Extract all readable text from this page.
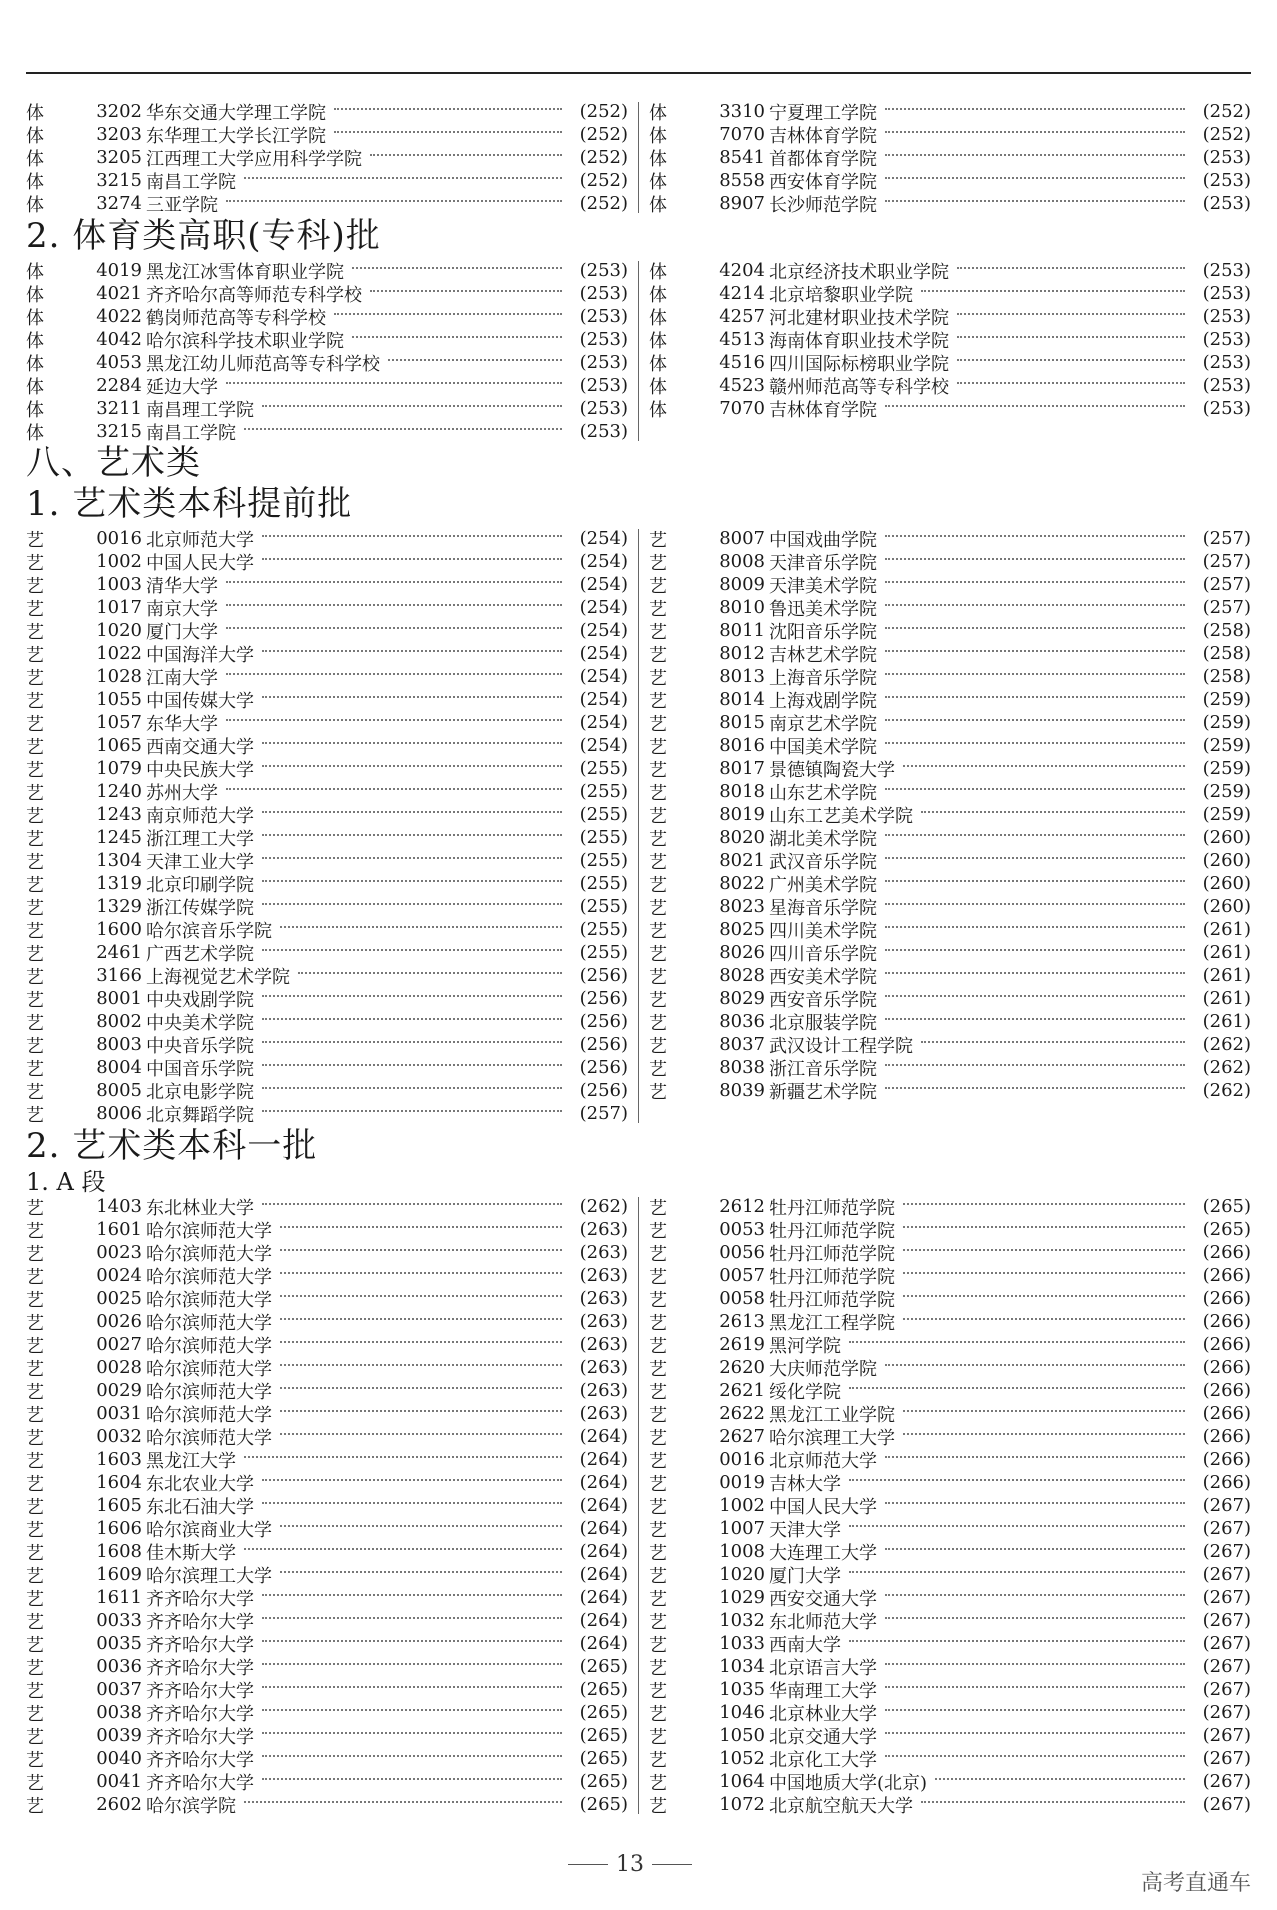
体	3202 华东交通大学理工学院	(252)
体	3203 东华理工大学长江学院	(252)
体	3205 江西理工大学应用科学学院	(252)
体	3215 南昌工学院	(252)
体	3274 三亚学院	(252)
体	3310 宁夏理工学院	(252)
体	7070 吉林体育学院	(252)
体	8541 首都体育学院	(253)
体	8558 西安体育学院	(253)
体	8907 长沙师范学院	(253)
2. 体育类高职(专科)批
体	4019 黑龙江冰雪体育职业学院	(253)
体	4021 齐齐哈尔高等师范专科学校	(253)
体	4022 鹤岗师范高等专科学校	(253)
体	4042 哈尔滨科学技术职业学院	(253)
体	4053 黑龙江幼儿师范高等专科学校	(253)
体	2284 延边大学	(253)
体	3211 南昌理工学院	(253)
体	3215 南昌工学院	(253)
体	4204 北京经济技术职业学院	(253)
体	4214 北京培黎职业学院	(253)
体	4257 河北建材职业技术学院	(253)
体	4513 海南体育职业技术学院	(253)
体	4516 四川国际标榜职业学院	(253)
体	4523 赣州师范高等专科学校	(253)
体	7070 吉林体育学院	(253)
八、艺术类
1. 艺术类本科提前批
艺	0016 北京师范大学	(254)
艺	1002 中国人民大学	(254)
艺	1003 清华大学	(254)
艺	1017 南京大学	(254)
艺	1020 厦门大学	(254)
艺	1022 中国海洋大学	(254)
艺	1028 江南大学	(254)
艺	1055 中国传媒大学	(254)
艺	1057 东华大学	(254)
艺	1065 西南交通大学	(254)
艺	1079 中央民族大学	(255)
艺	1240 苏州大学	(255)
艺	1243 南京师范大学	(255)
艺	1245 浙江理工大学	(255)
艺	1304 天津工业大学	(255)
艺	1319 北京印刷学院	(255)
艺	1329 浙江传媒学院	(255)
艺	1600 哈尔滨音乐学院	(255)
艺	2461 广西艺术学院	(255)
艺	3166 上海视觉艺术学院	(256)
艺	8001 中央戏剧学院	(256)
艺	8002 中央美术学院	(256)
艺	8003 中央音乐学院	(256)
艺	8004 中国音乐学院	(256)
艺	8005 北京电影学院	(256)
艺	8006 北京舞蹈学院	(257)
艺	8007 中国戏曲学院	(257)
艺	8008 天津音乐学院	(257)
艺	8009 天津美术学院	(257)
艺	8010 鲁迅美术学院	(257)
艺	8011 沈阳音乐学院	(258)
艺	8012 吉林艺术学院	(258)
艺	8013 上海音乐学院	(258)
艺	8014 上海戏剧学院	(259)
艺	8015 南京艺术学院	(259)
艺	8016 中国美术学院	(259)
艺	8017 景德镇陶瓷大学	(259)
艺	8018 山东艺术学院	(259)
艺	8019 山东工艺美术学院	(259)
艺	8020 湖北美术学院	(260)
艺	8021 武汉音乐学院	(260)
艺	8022 广州美术学院	(260)
艺	8023 星海音乐学院	(260)
艺	8025 四川美术学院	(261)
艺	8026 四川音乐学院	(261)
艺	8028 西安美术学院	(261)
艺	8029 西安音乐学院	(261)
艺	8036 北京服装学院	(261)
艺	8037 武汉设计工程学院	(262)
艺	8038 浙江音乐学院	(262)
艺	8039 新疆艺术学院	(262)
2. 艺术类本科一批
1. A 段
艺	1403 东北林业大学	(262)
艺	1601 哈尔滨师范大学	(263)
艺	0023 哈尔滨师范大学	(263)
艺	0024 哈尔滨师范大学	(263)
艺	0025 哈尔滨师范大学	(263)
艺	0026 哈尔滨师范大学	(263)
艺	0027 哈尔滨师范大学	(263)
艺	0028 哈尔滨师范大学	(263)
艺	0029 哈尔滨师范大学	(263)
艺	0031 哈尔滨师范大学	(263)
艺	0032 哈尔滨师范大学	(264)
艺	1603 黑龙江大学	(264)
艺	1604 东北农业大学	(264)
艺	1605 东北石油大学	(264)
艺	1606 哈尔滨商业大学	(264)
艺	1608 佳木斯大学	(264)
艺	1609 哈尔滨理工大学	(264)
艺	1611 齐齐哈尔大学	(264)
艺	0033 齐齐哈尔大学	(264)
艺	0035 齐齐哈尔大学	(264)
艺	0036 齐齐哈尔大学	(265)
艺	0037 齐齐哈尔大学	(265)
艺	0038 齐齐哈尔大学	(265)
艺	0039 齐齐哈尔大学	(265)
艺	0040 齐齐哈尔大学	(265)
艺	0041 齐齐哈尔大学	(265)
艺	2602 哈尔滨学院	(265)
艺	2612 牡丹江师范学院	(265)
艺	0053 牡丹江师范学院	(265)
艺	0056 牡丹江师范学院	(266)
艺	0057 牡丹江师范学院	(266)
艺	0058 牡丹江师范学院	(266)
艺	2613 黑龙江工程学院	(266)
艺	2619 黑河学院	(266)
艺	2620 大庆师范学院	(266)
艺	2621 绥化学院	(266)
艺	2622 黑龙江工业学院	(266)
艺	2627 哈尔滨理工大学	(266)
艺	0016 北京师范大学	(266)
艺	0019 吉林大学	(266)
艺	1002 中国人民大学	(267)
艺	1007 天津大学	(267)
艺	1008 大连理工大学	(267)
艺	1020 厦门大学	(267)
艺	1029 西安交通大学	(267)
艺	1032 东北师范大学	(267)
艺	1033 西南大学	(267)
艺	1034 北京语言大学	(267)
艺	1035 华南理工大学	(267)
艺	1046 北京林业大学	(267)
艺	1050 北京交通大学	(267)
艺	1052 北京化工大学	(267)
艺	1064 中国地质大学(北京)	(267)
艺	1072 北京航空航天大学	(267)
13
高考直通车
